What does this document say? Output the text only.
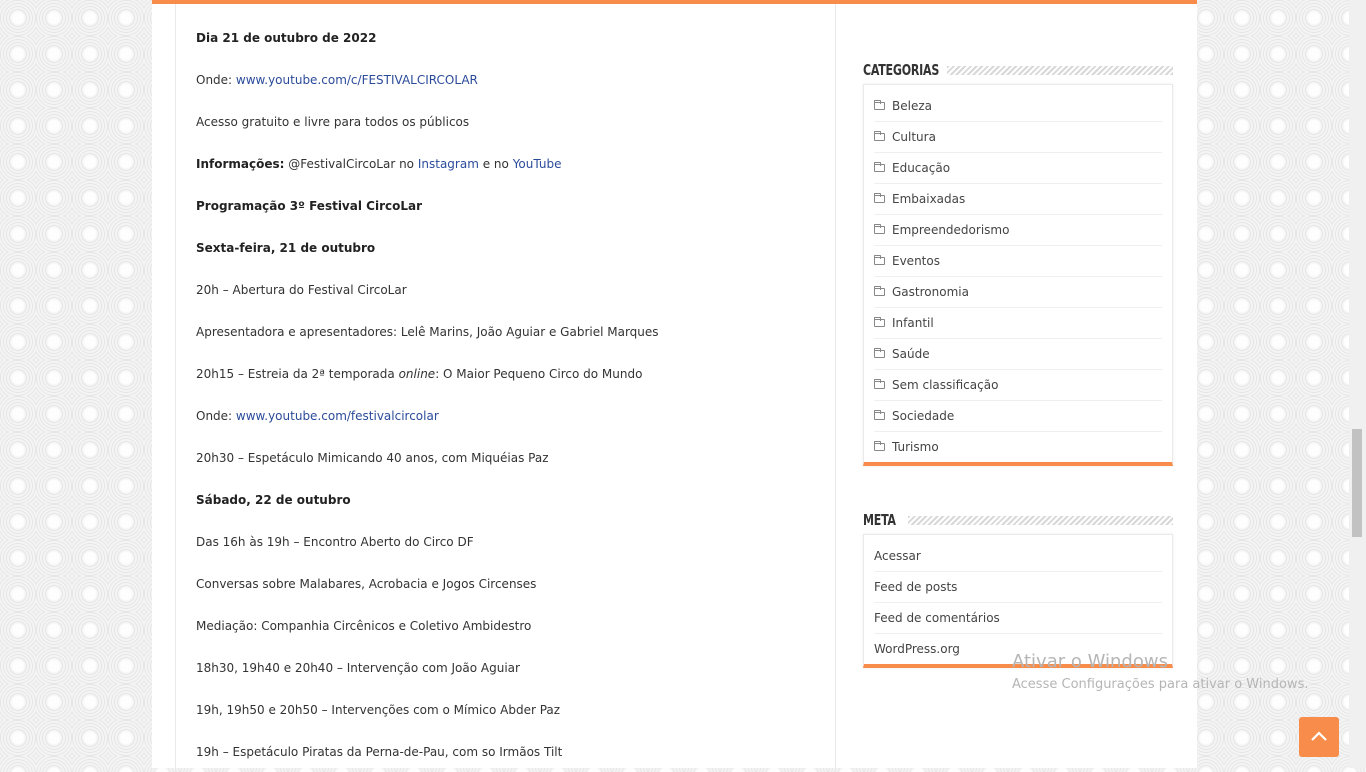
Dia 21 de outubro de 2022

Onde: www.youtube.com/c/FESTIVALCIRCOLAR

Acesso gratuito e livre para todos os públicos

Informações: @FestivalCircoLar no Instagram e no YouTube

Programação 3º Festival CircoLar

Sexta-feira, 21 de outubro

20h – Abertura do Festival CircoLar

Apresentadora e apresentadores: Lelê Marins, João Aguiar e Gabriel Marques

20h15 – Estreia da 2ª temporada online: O Maior Pequeno Circo do Mundo

Onde: www.youtube.com/festivalcircolar

20h30 – Espetáculo Mimicando 40 anos, com Miquéias Paz

Sábado, 22 de outubro

Das 16h às 19h – Encontro Aberto do Circo DF

Conversas sobre Malabares, Acrobacia e Jogos Circenses

Mediação: Companhia Circênicos e Coletivo Ambidestro

18h30, 19h40 e 20h40 – Intervenção com João Aguiar

19h, 19h50 e 20h50 – Intervenções com o Mímico Abder Paz

19h – Espetáculo Piratas da Perna-de-Pau, com so Irmãos Tilt

CATEGORIAS
Beleza
Cultura
Educação
Embaixadas
Empreendedorismo
Eventos
Gastronomia
Infantil
Saúde
Sem classificação
Sociedade
Turismo
META
Acessar
Feed de posts
Feed de comentários
WordPress.org
Ativar o Windows
Acesse Configurações para ativar o Windows.
